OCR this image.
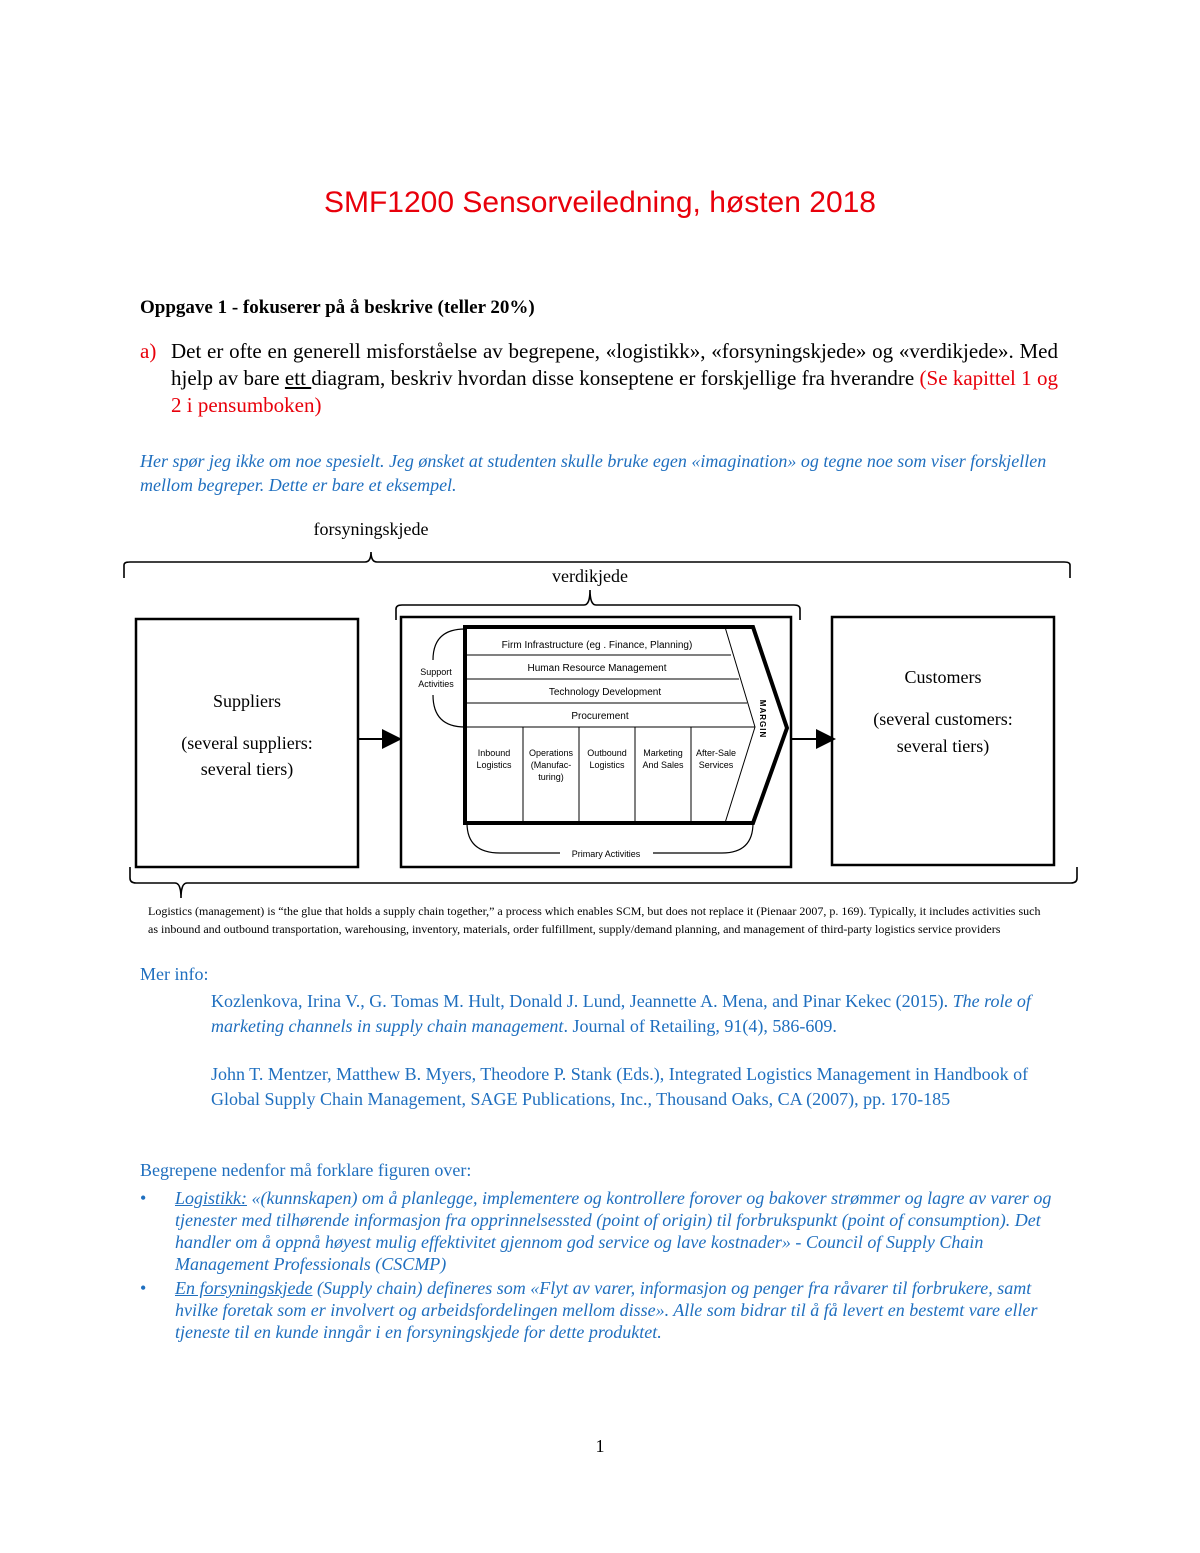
SMF1200 Sensorveiledning, høsten 2018
Oppgave 1 - fokuserer på å beskrive (teller 20%)
a) Det er ofte en generell misforståelse av begrepene, «logistikk», «forsyningskjede» og «verdikjede». Med hjelp av bare ett diagram, beskriv hvordan disse konseptene er forskjellige fra hverandre (Se kapittel 1 og 2 i pensumboken)
Her spør jeg ikke om noe spesielt. Jeg ønsket at studenten skulle bruke egen «imagination» og tegne noe som viser forskjellen mellom begreper. Dette er bare et eksempel.
forsyningskjede
verdikjede
Suppliers
(several suppliers:
several tiers)
Firm Infrastructure (eg . Finance, Planning)
Human Resource Management
Technology Development
Procurement
Support
Activities
Inbound
Logistics
Operations
(Manufac-
turing)
Outbound
Logistics
Marketing
And Sales
After-Sale
Services
MARGIN
Primary Activities
Customers
(several customers:
several tiers)
Logistics (management) is “the glue that holds a supply chain together,” a process which enables SCM, but does not replace it (Pienaar 2007, p. 169). Typically, it includes activities such as inbound and outbound transportation, warehousing, inventory, materials, order fulfillment, supply/demand planning, and management of third-party logistics service providers
Mer info:
Kozlenkova, Irina V., G. Tomas M. Hult, Donald J. Lund, Jeannette A. Mena, and Pinar Kekec (2015). The role of marketing channels in supply chain management. Journal of Retailing, 91(4), 586-609.
John T. Mentzer, Matthew B. Myers, Theodore P. Stank (Eds.), Integrated Logistics Management in Handbook of Global Supply Chain Management, SAGE Publications, Inc., Thousand Oaks, CA (2007), pp. 170-185
Begrepene nedenfor må forklare figuren over:
• Logistikk: «(kunnskapen) om å planlegge, implementere og kontrollere forover og bakover strømmer og lagre av varer og tjenester med tilhørende informasjon fra opprinnelsessted (point of origin) til forbrukspunkt (point of consumption). Det handler om å oppnå høyest mulig effektivitet gjennom god service og lave kostnader» - Council of Supply Chain Management Professionals (CSCMP)
• En forsyningskjede (Supply chain) defineres som «Flyt av varer, informasjon og penger fra råvarer til forbrukere, samt hvilke foretak som er involvert og arbeidsfordelingen mellom disse». Alle som bidrar til å få levert en bestemt vare eller tjeneste til en kunde inngår i en forsyningskjede for dette produktet.
1
